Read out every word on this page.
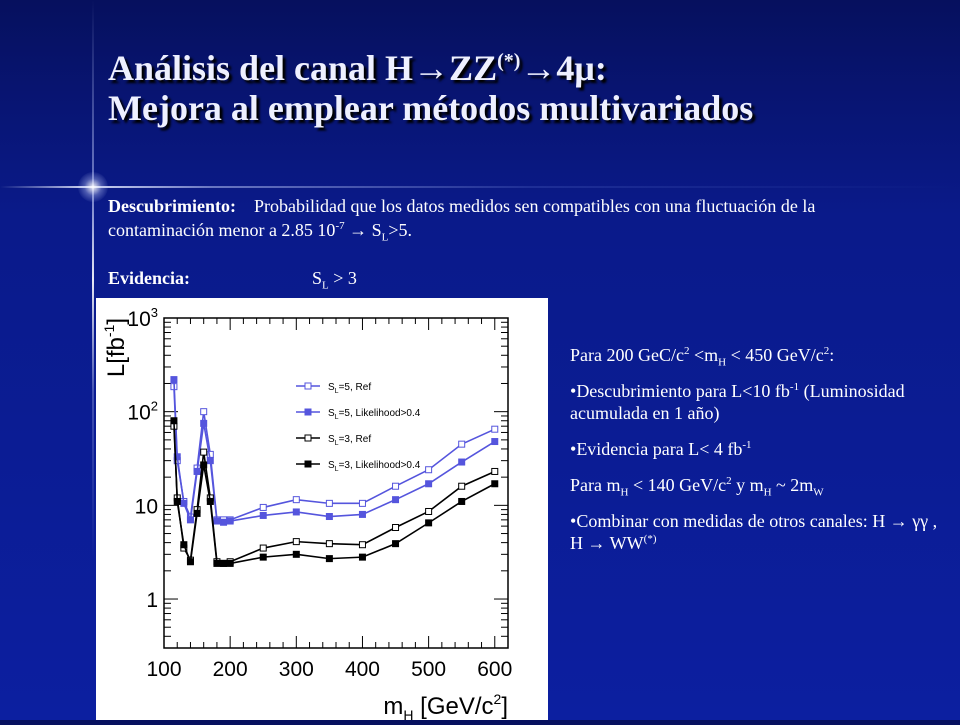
Análisis del canal H→ZZ(*)→4μ:
Mejora al emplear métodos multivariados
Descubrimiento: Probabilidad que los datos medidos sen compatibles con una fluctuación de la contaminación menor a 2.85 $10^{-7} \to S_L>5$.
Evidencia:	$S_L > 3$
1
10
$10^2$
$10^3$
100 200 300 400 500 600
$m_H$ $[GeV/c^2]$
$L[fb^{-1}]$
$S_L=5$, Ref
$S_L=5$, Likelihood>0.4
$S_L=3$, Ref
$S_L=3$, Likelihood>0.4

Para 200 GeC/$c^2 <m_H < 450$ GeV/$c^2$:

• Descubrimiento para L<10 $fb^{-1}$ (Luminosidad acumulada en 1 año)

• Evidencia para L< 4 $fb^{-1}$

Para $m_H < 140$ GeV/$c^2$ y $m_H$ ~ $2m_W$

• Combinar con medidas de otros canales: H → γγ , H → WW(*)
